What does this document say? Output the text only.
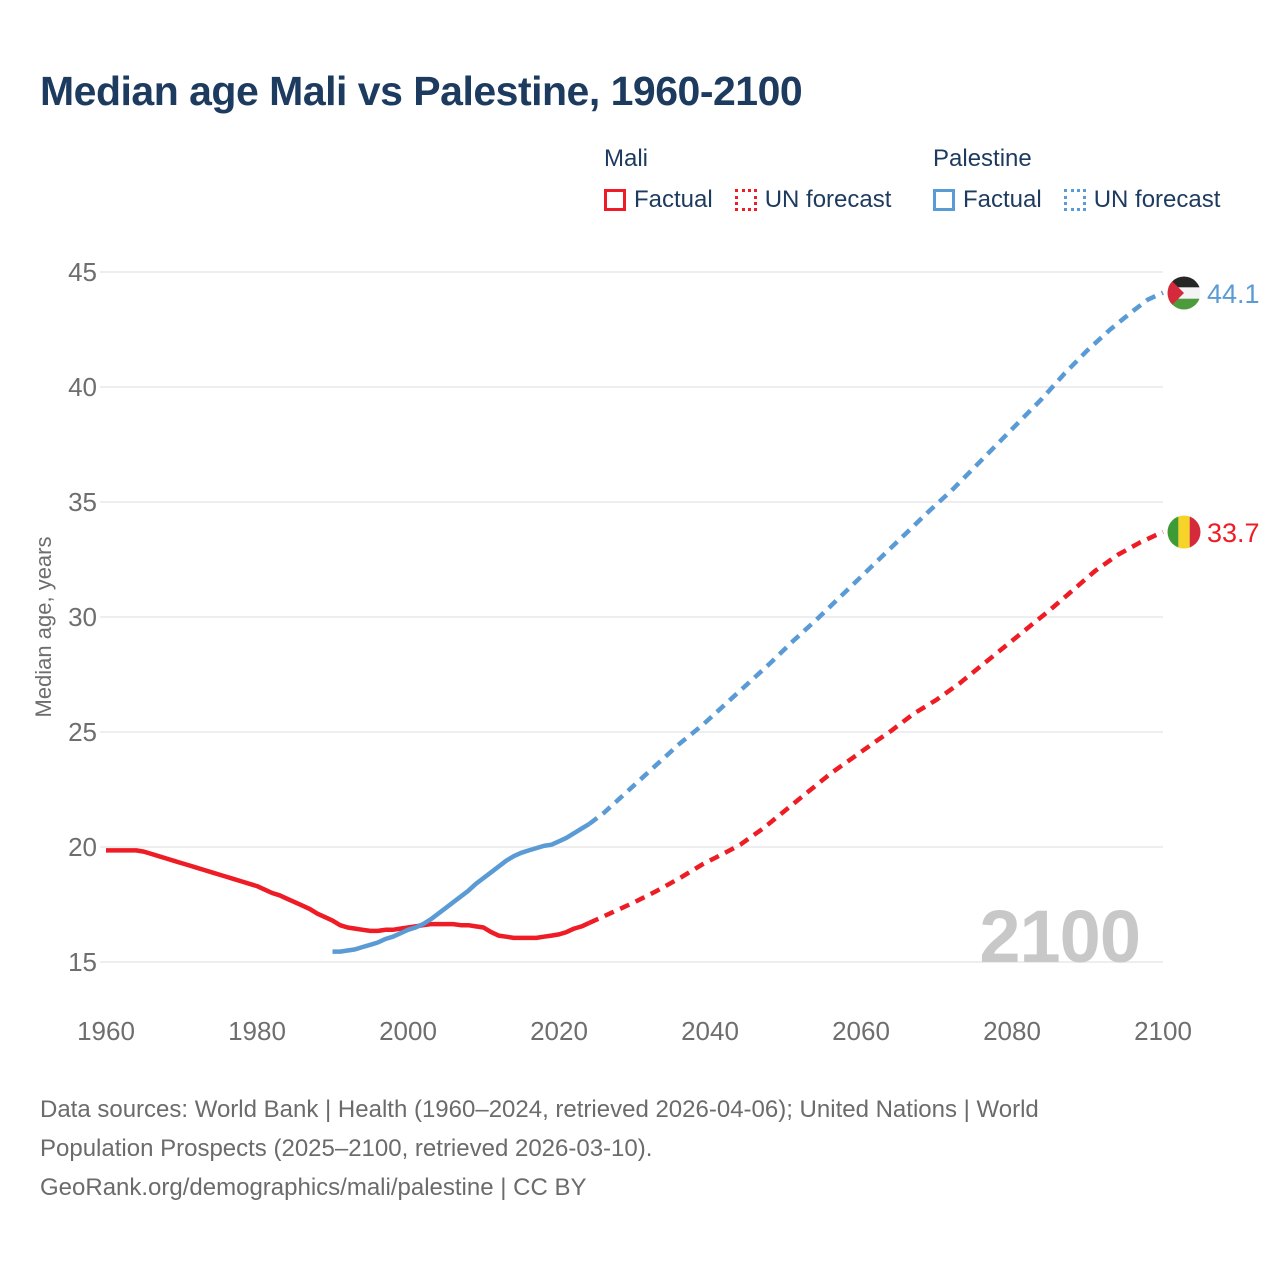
Median age Mali vs Palestine, 1960-2100
Mali
Factual UN forecast
Palestine
Factual UN forecast
Median age, years
15
20
25
30
35
40
45
1960	1980	2000	2020	2040	2060	2080	2100
2100
44.1
33.7
Data sources: World Bank | Health (1960–2024, retrieved 2026-04-06); United Nations | World
Population Prospects (2025–2100, retrieved 2026-03-10).
GeoRank.org/demographics/mali/palestine | CC BY
